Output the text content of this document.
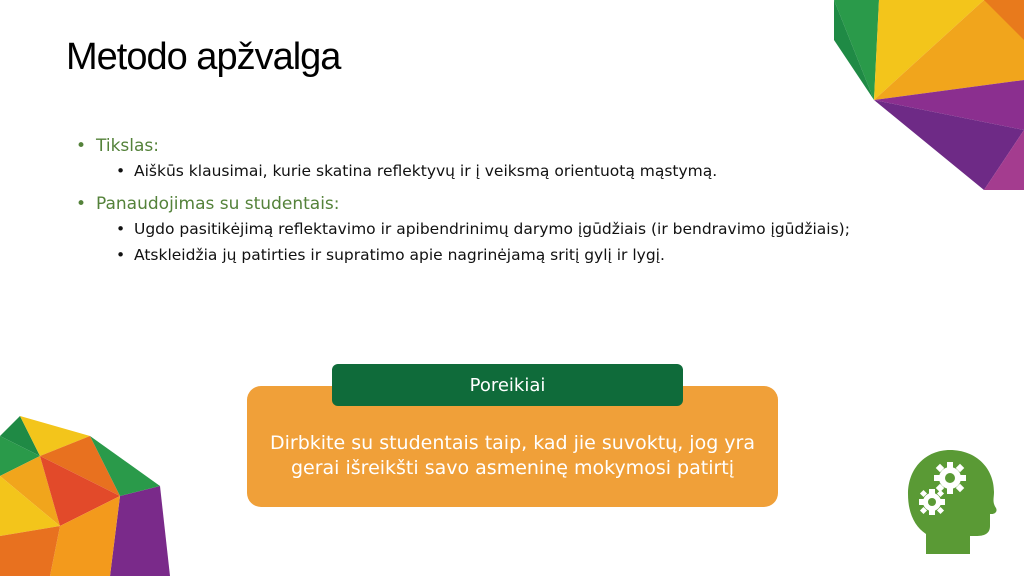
Metodo apžvalga
• Tikslas:
• Aiškūs klausimai, kurie skatina reflektyvų ir į veiksmą orientuotą mąstymą.
• Panaudojimas su studentais:
• Ugdo pasitikėjimą reflektavimo ir apibendrinimų darymo įgūdžiais (ir bendravimo įgūdžiais);
• Atskleidžia jų patirties ir supratimo apie nagrinėjamą sritį gylį ir lygį.
Dirbkite su studentais taip, kad jie suvoktų, jog yra gerai išreikšti savo asmeninę mokymosi patirtį
Poreikiai
